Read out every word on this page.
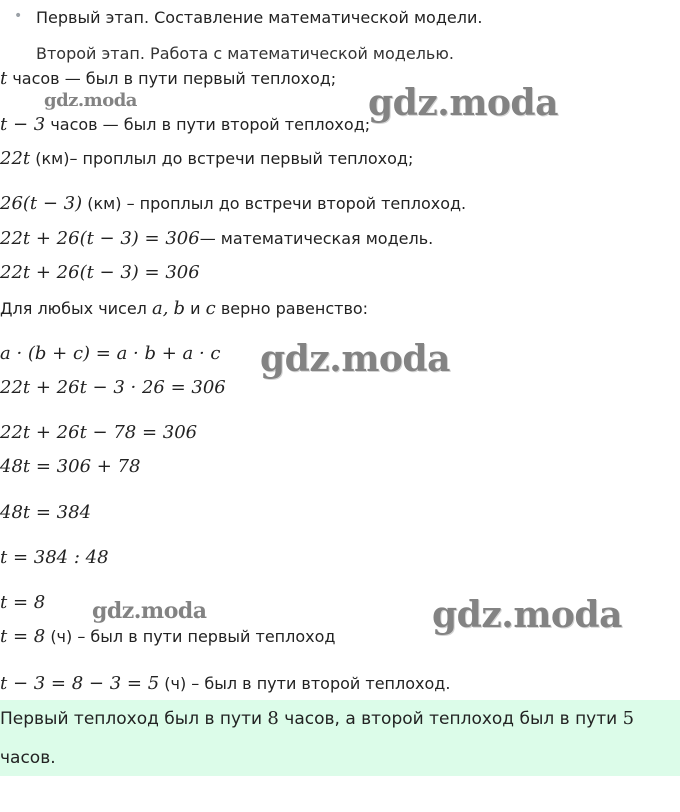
• Первый этап. Составление математической модели.
Второй этап. Работа с математической моделью.
gdz.moda	gdz.moda
gdz.moda
gdz.moda	gdz.moda
t часов — был в пути первый теплоход;
t − 3 часов — был в пути второй теплоход;
22t (км)– проплыл до встречи первый теплоход;
26(t − 3) (км) – проплыл до встречи второй теплоход.
22t + 26(t − 3) = 306— математическая модель.
22t + 26(t − 3) = 306
Для любых чисел a, b и c верно равенство:
a · (b + c) = a · b + a · c
22t + 26t − 3 · 26 = 306
22t + 26t − 78 = 306
48t = 306 + 78
48t = 384
t = 384 : 48
t = 8
t = 8 (ч) – был в пути первый теплоход
t − 3 = 8 − 3 = 5 (ч) – был в пути второй теплоход.
Первый теплоход был в пути 8 часов, а второй теплоход был в пути 5
часов.
